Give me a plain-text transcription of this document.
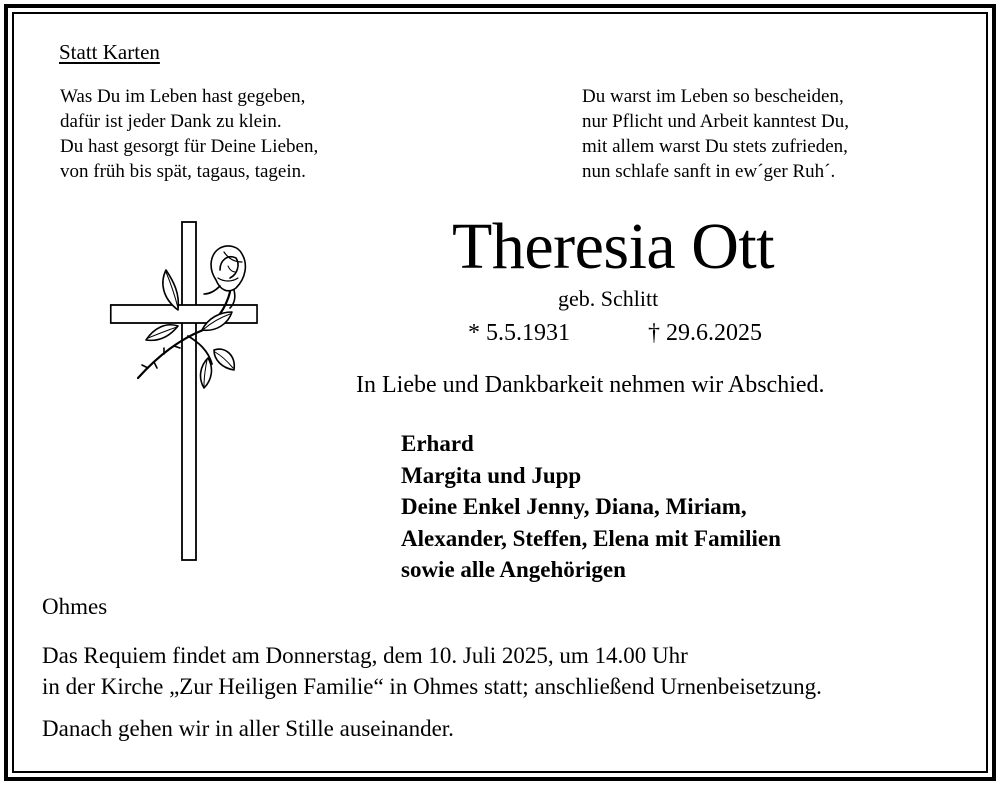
Statt Karten
Was Du im Leben hast gegeben,
dafür ist jeder Dank zu klein.
Du hast gesorgt für Deine Lieben,
von früh bis spät, tagaus, tagein.
Du warst im Leben so bescheiden,
nur Pflicht und Arbeit kanntest Du,
mit allem warst Du stets zufrieden,
nun schlafe sanft in ew´ger Ruh´.
Theresia Ott
geb. Schlitt
* 5.5.1931	† 29.6.2025
In Liebe und Dankbarkeit nehmen wir Abschied.
Erhard
Margita und Jupp
Deine Enkel Jenny, Diana, Miriam,
Alexander, Steffen, Elena mit Familien
sowie alle Angehörigen
Ohmes
Das Requiem findet am Donnerstag, dem 10. Juli 2025, um 14.00 Uhr
in der Kirche „Zur Heiligen Familie“ in Ohmes statt; anschließend Urnenbeisetzung.
Danach gehen wir in aller Stille auseinander.
